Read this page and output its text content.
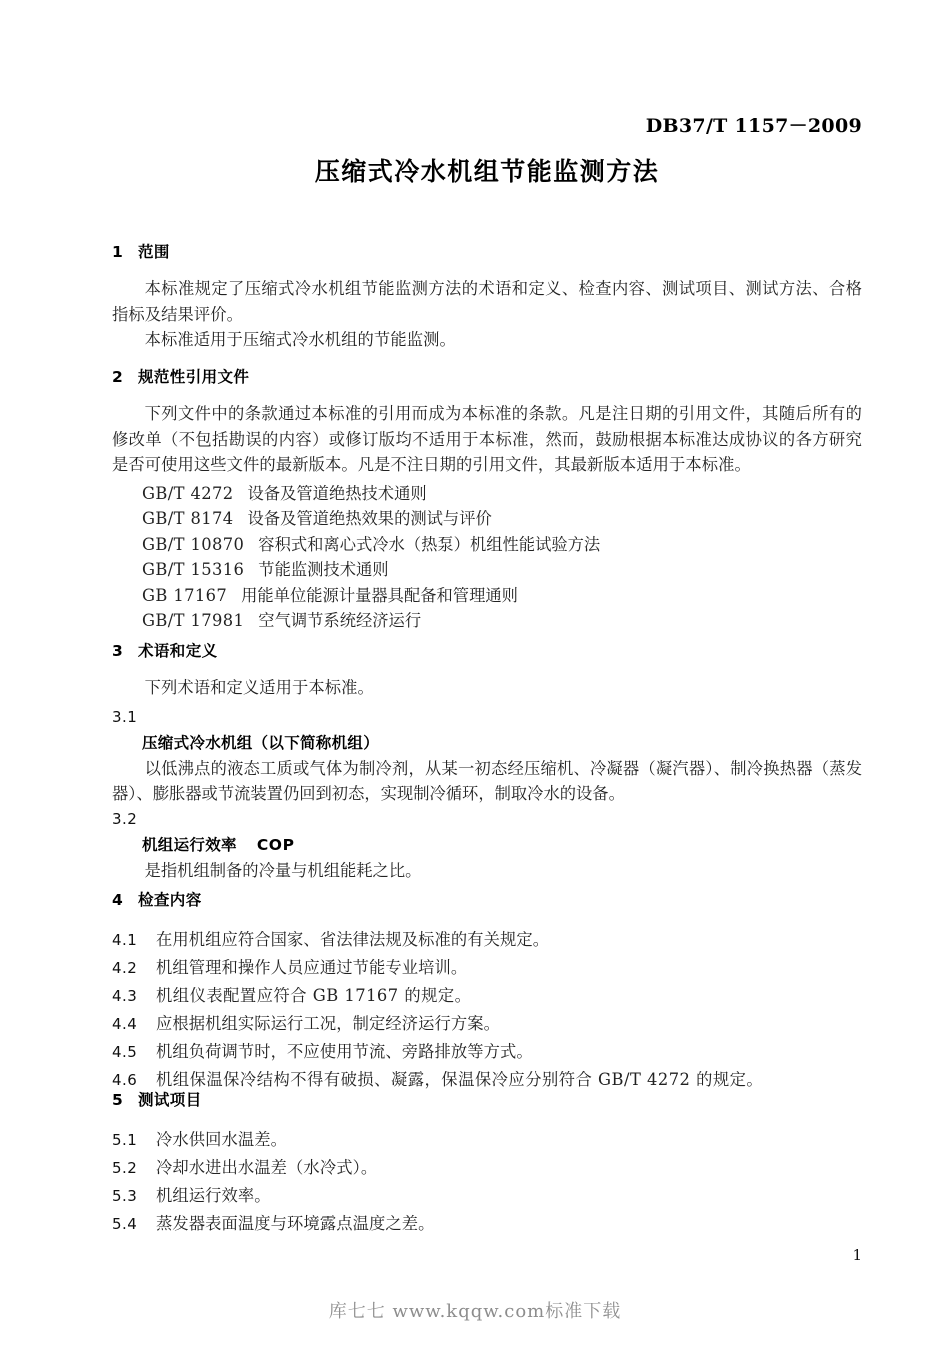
DB37/T 1157－2009
压缩式冷水机组节能监测方法
1 范围
本标准规定了压缩式冷水机组节能监测方法的术语和定义、检查内容、测试项目、测试方法、合格指标及结果评价。
本标准适用于压缩式冷水机组的节能监测。
2 规范性引用文件
下列文件中的条款通过本标准的引用而成为本标准的条款。凡是注日期的引用文件，其随后所有的修改单（不包括勘误的内容）或修订版均不适用于本标准，然而，鼓励根据本标准达成协议的各方研究是否可使用这些文件的最新版本。凡是不注日期的引用文件，其最新版本适用于本标准。
GB/T 4272 设备及管道绝热技术通则
GB/T 8174 设备及管道绝热效果的测试与评价
GB/T 10870 容积式和离心式冷水（热泵）机组性能试验方法
GB/T 15316 节能监测技术通则
GB 17167 用能单位能源计量器具配备和管理通则
GB/T 17981 空气调节系统经济运行
3 术语和定义
下列术语和定义适用于本标准。
3.1
压缩式冷水机组（以下简称机组）
以低沸点的液态工质或气体为制冷剂，从某一初态经压缩机、冷凝器（凝汽器）、制冷换热器（蒸发器）、膨胀器或节流装置仍回到初态，实现制冷循环，制取冷水的设备。
3.2
机组运行效率 COP
是指机组制备的冷量与机组能耗之比。
4 检查内容
4.1 在用机组应符合国家、省法律法规及标准的有关规定。
4.2 机组管理和操作人员应通过节能专业培训。
4.3 机组仪表配置应符合 GB 17167 的规定。
4.4 应根据机组实际运行工况，制定经济运行方案。
4.5 机组负荷调节时，不应使用节流、旁路排放等方式。
4.6 机组保温保冷结构不得有破损、凝露，保温保冷应分别符合 GB/T 4272 的规定。
5 测试项目
5.1 冷水供回水温差。
5.2 冷却水进出水温差（水冷式）。
5.3 机组运行效率。
5.4 蒸发器表面温度与环境露点温度之差。
1
库七七 www.kqqw.com标准下载
